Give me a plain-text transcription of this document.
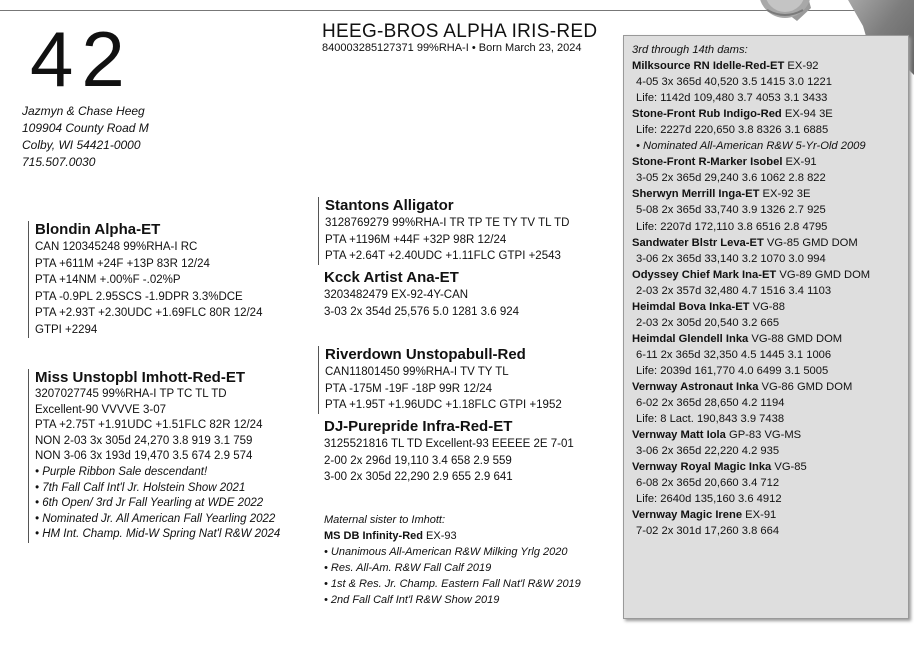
42
Jazmyn & Chase Heeg
109904 County Road M
Colby, WI 54421-0000
715.507.0030
HEEG-BROS ALPHA IRIS-RED
840003285127371 99%RHA-I • Born March 23, 2024
Blondin Alpha-ET
CAN 120345248 99%RHA-I RC
PTA +611M +24F +13P 83R 12/24
PTA +14NM +.00%F -.02%P
PTA -0.9PL 2.95SCS -1.9DPR 3.3%DCE
PTA +2.93T +2.30UDC +1.69FLC 80R 12/24
GTPI +2294
Miss Unstopbl Imhott-Red-ET
3207027745 99%RHA-I TP TC TL TD
Excellent-90 VVVVE 3-07
PTA +2.75T +1.91UDC +1.51FLC 82R 12/24
NON 2-03 3x 305d 24,270 3.8 919 3.1 759
NON 3-06 3x 193d 19,470 3.5 674 2.9 574
• Purple Ribbon Sale descendant!
• 7th Fall Calf Int'l Jr. Holstein Show 2021
• 6th Open/ 3rd Jr Fall Yearling at WDE 2022
• Nominated Jr. All American Fall Yearling 2022
• HM Int. Champ. Mid-W Spring Nat'l R&W 2024
Stantons Alligator
3128769279 99%RHA-I TR TP TE TY TV TL TD
PTA +1196M +44F +32P 98R 12/24
PTA +2.64T +2.40UDC +1.11FLC GTPI +2543
Kcck Artist Ana-ET
3203482479 EX-92-4Y-CAN
3-03 2x 354d 25,576 5.0 1281 3.6 924
Riverdown Unstopabull-Red
CAN11801450 99%RHA-I TV TY TL
PTA -175M -19F -18P 99R 12/24
PTA +1.95T +1.96UDC +1.18FLC GTPI +1952
DJ-Purepride Infra-Red-ET
3125521816 TL TD Excellent-93 EEEEE 2E 7-01
2-00 2x 296d 19,110 3.4 658 2.9 559
3-00 2x 305d 22,290 2.9 655 2.9 641
Maternal sister to Imhott:
MS DB Infinity-Red EX-93
• Unanimous All-American R&W Milking Yrlg 2020
• Res. All-Am. R&W Fall Calf 2019
• 1st & Res. Jr. Champ. Eastern Fall Nat'l R&W 2019
• 2nd Fall Calf Int'l R&W Show 2019
3rd through 14th dams:
Milksource RN Idelle-Red-ET EX-92
4-05 3x 365d 40,520 3.5 1415 3.0 1221
Life: 1142d 109,480 3.7 4053 3.1 3433
Stone-Front Rub Indigo-Red EX-94 3E
Life: 2227d 220,650 3.8 8326 3.1 6885
• Nominated All-American R&W 5-Yr-Old 2009
Stone-Front R-Marker Isobel EX-91
3-05 2x 365d 29,240 3.6 1062 2.8 822
Sherwyn Merrill Inga-ET EX-92 3E
5-08 2x 365d 33,740 3.9 1326 2.7 925
Life: 2207d 172,110 3.8 6516 2.8 4795
Sandwater Blstr Leva-ET VG-85 GMD DOM
3-06 2x 365d 33,140 3.2 1070 3.0 994
Odyssey Chief Mark Ina-ET VG-89 GMD DOM
2-03 2x 357d 32,480 4.7 1516 3.4 1103
Heimdal Bova Inka-ET VG-88
2-03 2x 305d 20,540 3.2 665
Heimdal Glendell Inka VG-88 GMD DOM
6-11 2x 365d 32,350 4.5 1445 3.1 1006
Life: 2039d 161,770 4.0 6499 3.1 5005
Vernway Astronaut Inka VG-86 GMD DOM
6-02 2x 365d 28,650 4.2 1194
Life: 8 Lact. 190,843 3.9 7438
Vernway Matt Iola GP-83 VG-MS
3-06 2x 365d 22,220 4.2 935
Vernway Royal Magic Inka VG-85
6-08 2x 365d 20,660 3.4 712
Life: 2640d 135,160 3.6 4912
Vernway Magic Irene EX-91
7-02 2x 301d 17,260 3.8 664
